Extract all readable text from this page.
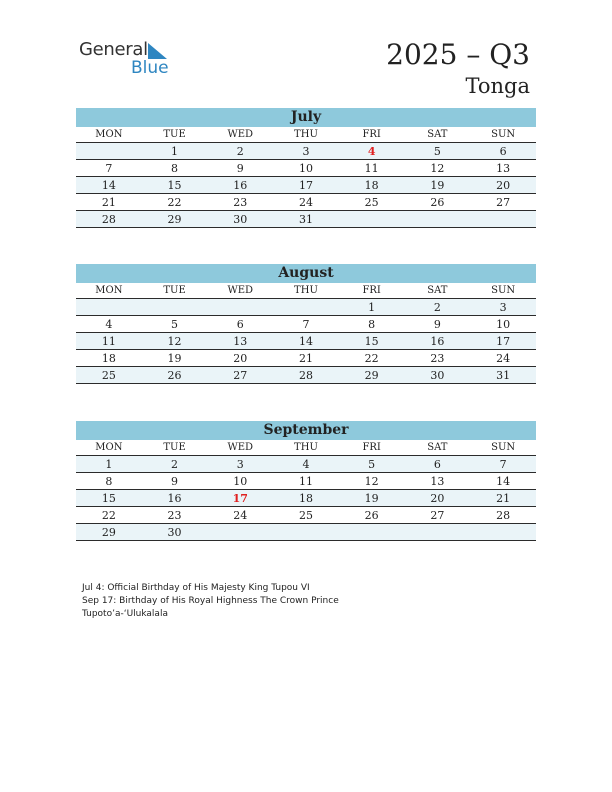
General
Blue	2025 – Q3
Tonga
July
MON	TUE	WED	THU	FRI	SAT	SUN
	1	2	3	4	5	6
7	8	9	10	11	12	13
14	15	16	17	18	19	20
21	22	23	24	25	26	27
28	29	30	31			
August
MON	TUE	WED	THU	FRI	SAT	SUN
				1	2	3
4	5	6	7	8	9	10
11	12	13	14	15	16	17
18	19	20	21	22	23	24
25	26	27	28	29	30	31
September
MON	TUE	WED	THU	FRI	SAT	SUN
1	2	3	4	5	6	7
8	9	10	11	12	13	14
15	16	17	18	19	20	21
22	23	24	25	26	27	28
29	30					
Jul 4: Official Birthday of His Majesty King Tupou VI
Sep 17: Birthday of His Royal Highness The Crown Prince Tupoto’a-‘Ulukalala
